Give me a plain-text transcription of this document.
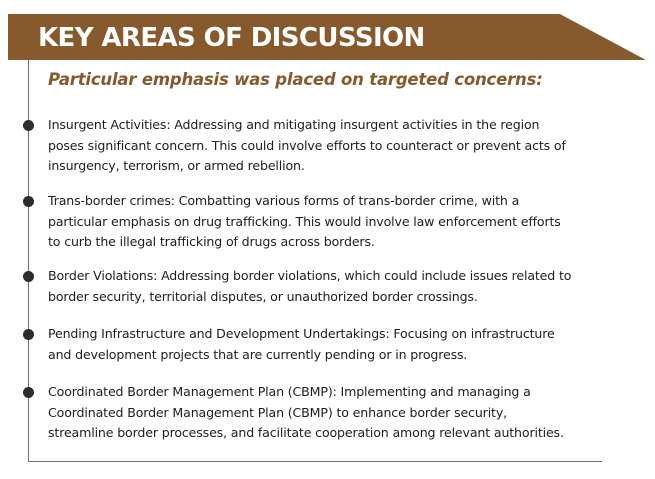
KEY AREAS OF DISCUSSION
Particular emphasis was placed on targeted concerns:
Insurgent Activities: Addressing and mitigating insurgent activities in the region
poses significant concern. This could involve efforts to counteract or prevent acts of
insurgency, terrorism, or armed rebellion.
Trans-border crimes: Combatting various forms of trans-border crime, with a
particular emphasis on drug trafficking. This would involve law enforcement efforts
to curb the illegal trafficking of drugs across borders.
Border Violations: Addressing border violations, which could include issues related to
border security, territorial disputes, or unauthorized border crossings.
Pending Infrastructure and Development Undertakings: Focusing on infrastructure
and development projects that are currently pending or in progress.
Coordinated Border Management Plan (CBMP): Implementing and managing a
Coordinated Border Management Plan (CBMP) to enhance border security,
streamline border processes, and facilitate cooperation among relevant authorities.
